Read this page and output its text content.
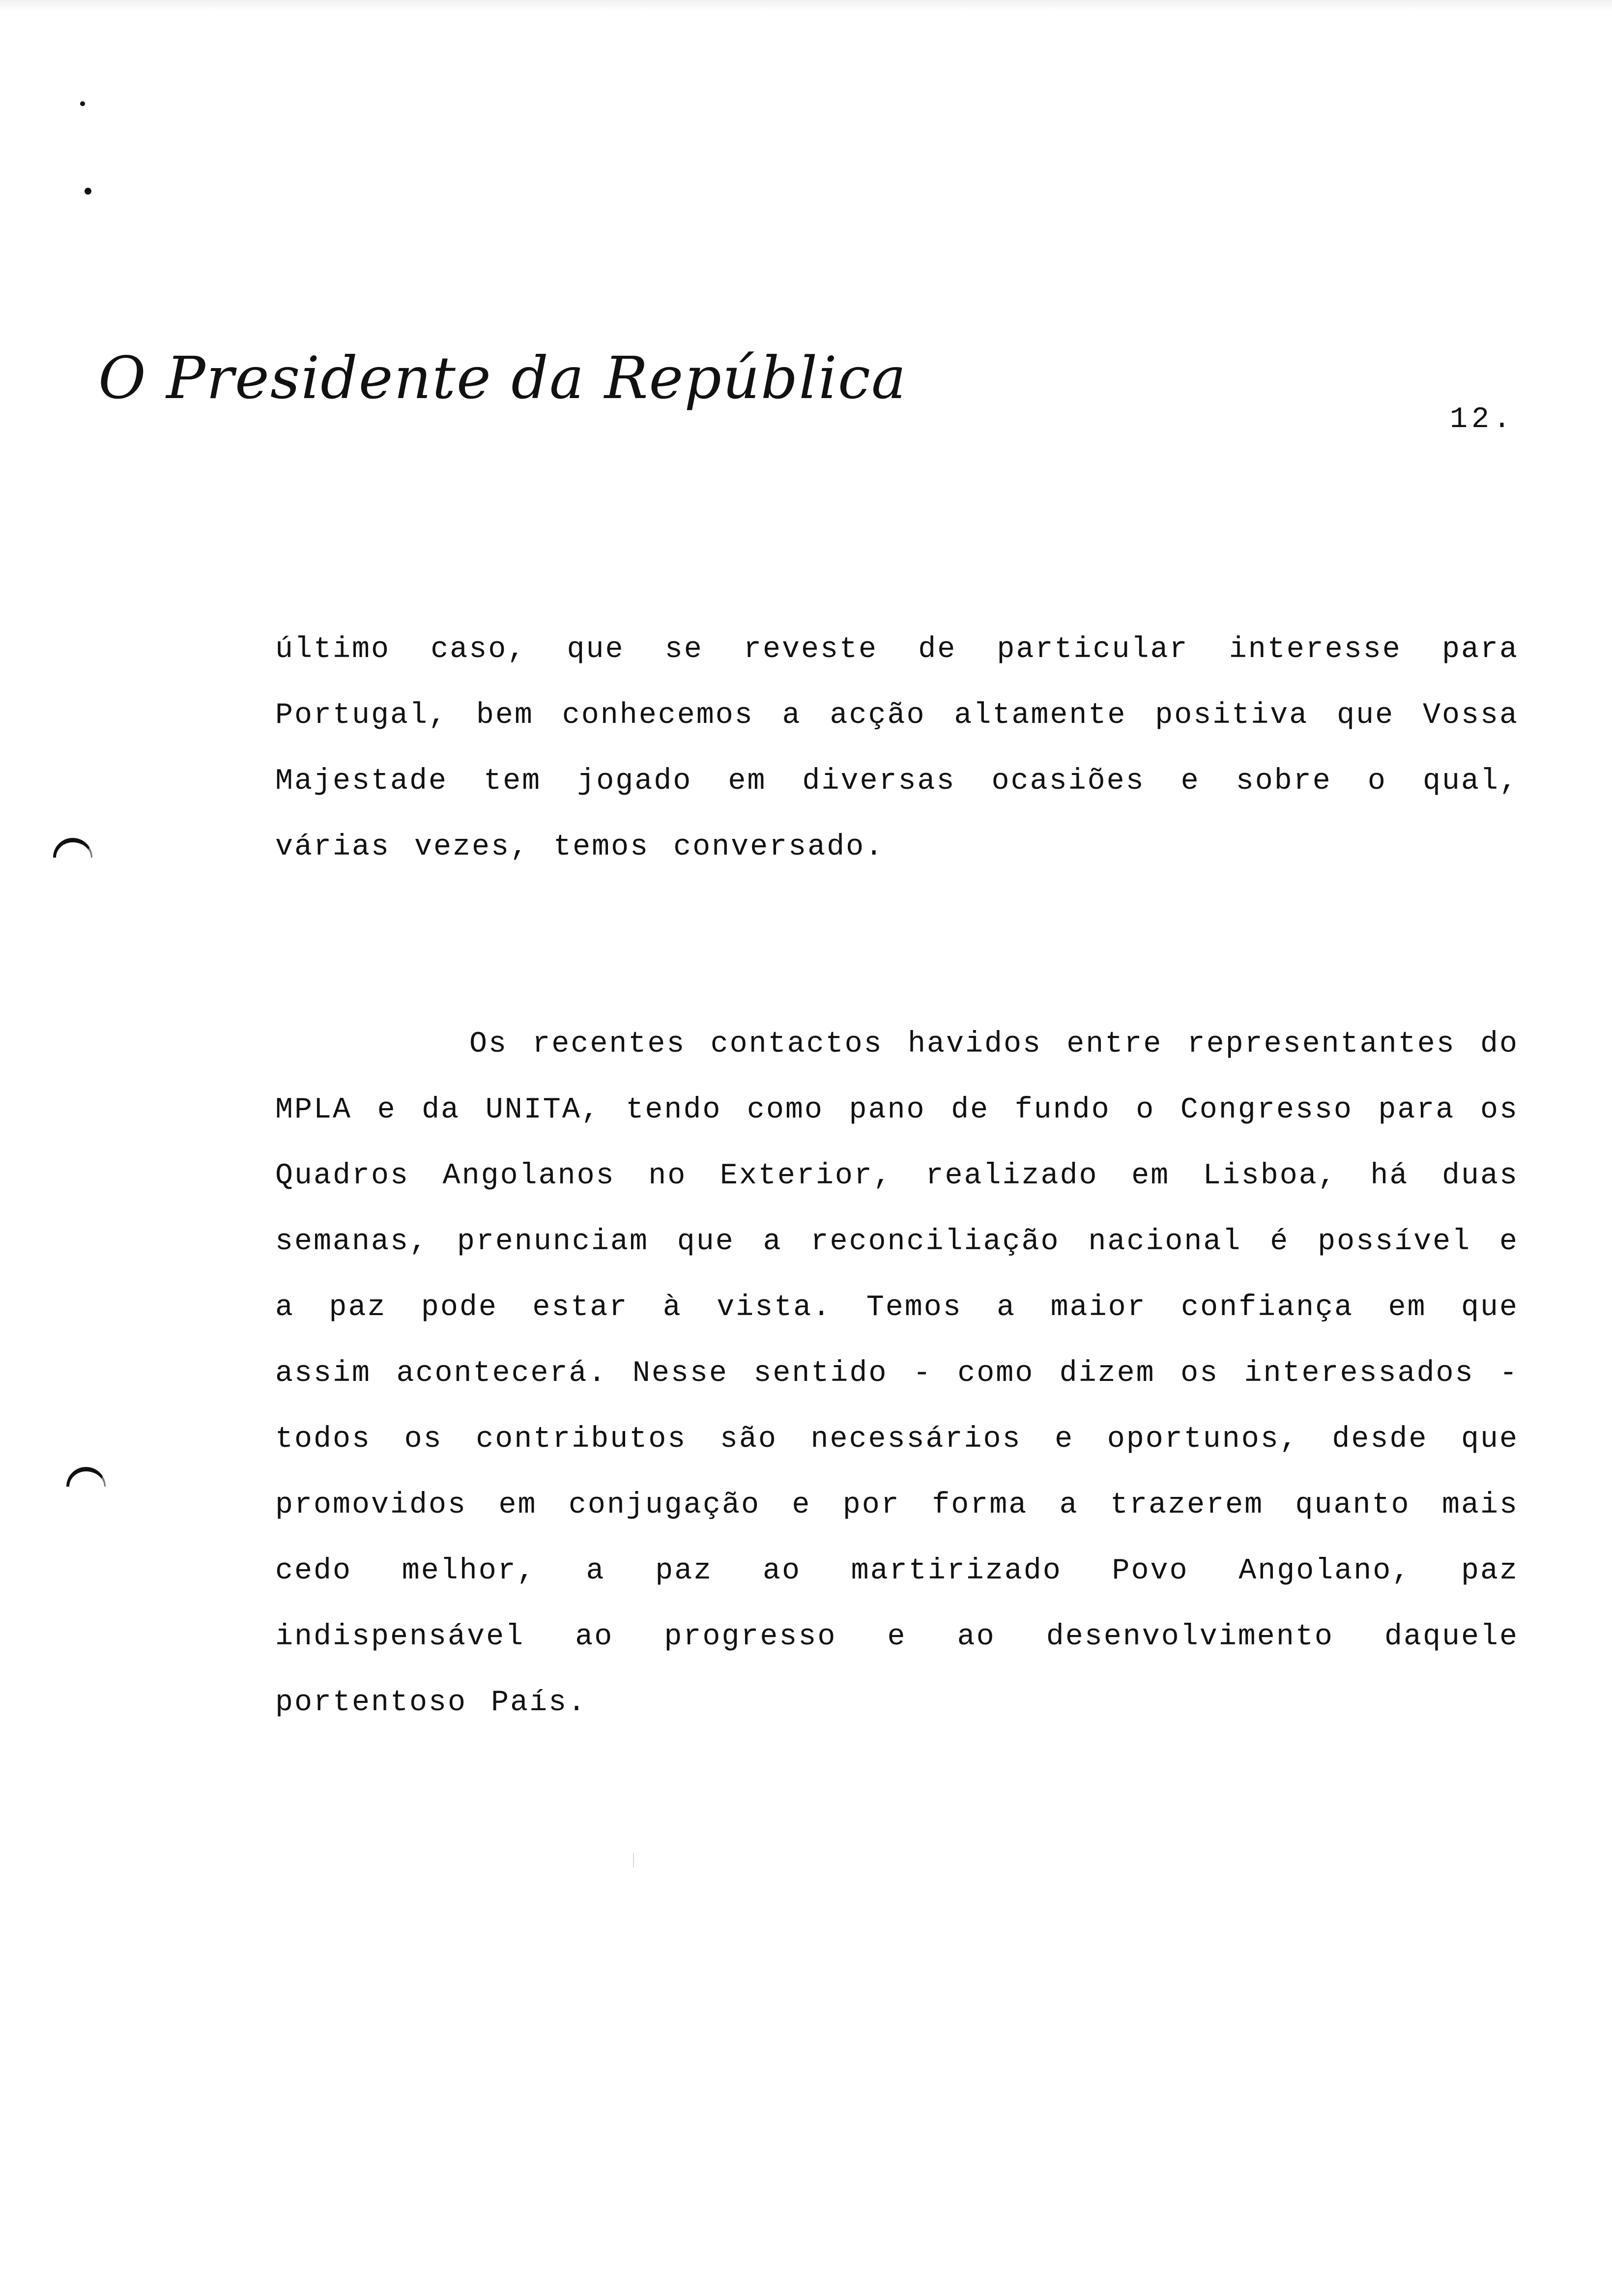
O Presidente da República
12.

último caso, que se reveste de particular interesse para Portugal, bem conhecemos a acção altamente positiva que Vossa Majestade tem jogado em diversas ocasiões e sobre o qual, várias vezes, temos conversado.

Os recentes contactos havidos entre representantes do MPLA e da UNITA, tendo como pano de fundo o Congresso para os Quadros Angolanos no Exterior, realizado em Lisboa, há duas semanas, prenunciam que a reconciliação nacional é possível e a paz pode estar à vista. Temos a maior confiança em que assim acontecerá. Nesse sentido - como dizem os interessados - todos os contributos são necessários e oportunos, desde que promovidos em conjugação e por forma a trazerem quanto mais cedo melhor, a paz ao martirizado Povo Angolano, paz indispensável ao progresso e ao desenvolvimento daquele portentoso País.
